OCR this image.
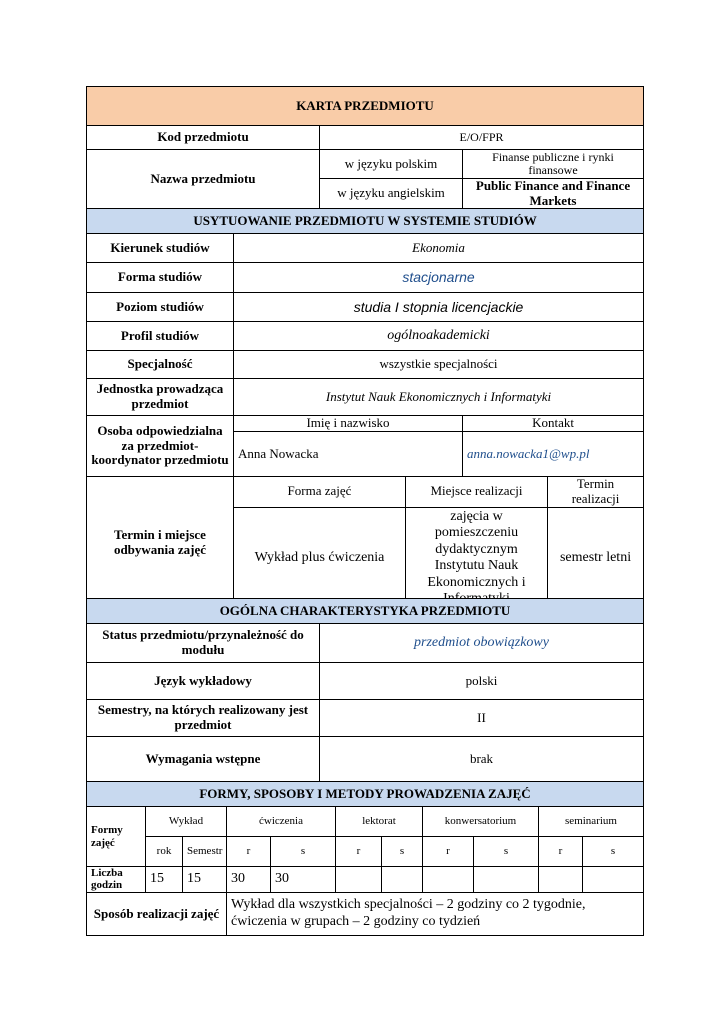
KARTA PRZEDMIOTU		
Kod przedmiotu	E/O/FPR	
Nazwa przedmiotu	w języku polskim	Finanse publiczne i rynki finansowe
	w języku angielskim	Public Finance and Finance Markets
USYTUOWANIE PRZEDMIOTU W SYSTEMIE STUDIÓW				
Kierunek studiów	Ekonomia			
Forma studiów	stacjonarne			
Poziom studiów	studia I stopnia licencjackie			
Profil studiów	ogólnoakademicki			
Specjalność	wszystkie specjalności			
Jednostka prowadząca przedmiot	Instytut Nauk Ekonomicznych i Informatyki			
Osoba odpowiedzialna za przedmiot- koordynator przedmiotu	Imię i nazwisko		Kontakt	
	Anna Nowacka		anna.nowacka1@wp.pl	
Termin i miejsce odbywania zajęć	Forma zajęć	Miejsce realizacji		Termin realizacji
	Wykład plus ćwiczenia	zajęcia w pomieszczeniu dydaktycznym Instytutu Nauk Ekonomicznych i		semestr letni
OGÓLNA CHARAKTERYSTYKA PRZEDMIOTU	
Status przedmiotu/przynależność do modułu	przedmiot obowiązkowy
Język wykładowy	polski
Semestry, na których realizowany jest przedmiot	II
Wymagania wstępne	brak
FORMY, SPOSOBY I METODY PROWADZENIA ZAJĘĆ										
Formy zajęć	Wykład		ćwiczenia		lektorat		konwersatorium		seminarium	
	rok	Semestr	r	s	r	s	r	s	r	s
Liczba godzin	15	15	30	30						
Sposób realizacji zajęć	Wykład dla wszystkich specjalności – 2 godziny co 2 tygodnie, ćwiczenia w grupach – 2 godziny co tydzień
